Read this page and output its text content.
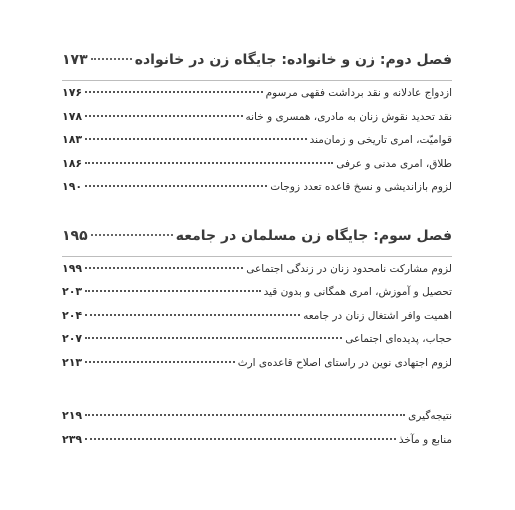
فصل دوم: زن و خانواده: جایگاه زن در خانواده
۱۷۳
ازدواج عادلانه و نقد برداشت فقهی مرسوم
۱۷۶
نقد تحدید نقوش زنان به مادری، همسری و خانه
۱۷۸
قوامیّت، امری تاریخی و زمان‌مند
۱۸۳
طلاق، امری مدنی و عرفی
۱۸۶
لزوم بازاندیشی و نسخ قاعده تعدد زوجات
۱۹۰
فصل سوم: جایگاه زن مسلمان در جامعه
۱۹۵
لزوم مشارکت نامحدود زنان در زندگی اجتماعی
۱۹۹
تحصیل و آموزش، امری همگانی و بدون قید
۲۰۳
اهمیت وافر اشتغال زنان در جامعه
۲۰۴
حجاب، پدیده‌ای اجتماعی
۲۰۷
لزوم اجتهادی نوین در راستای اصلاح قاعده‌ی ارث
۲۱۳
نتیجه‌گیری
۲۱۹
منابع و مآخذ
۲۳۹
